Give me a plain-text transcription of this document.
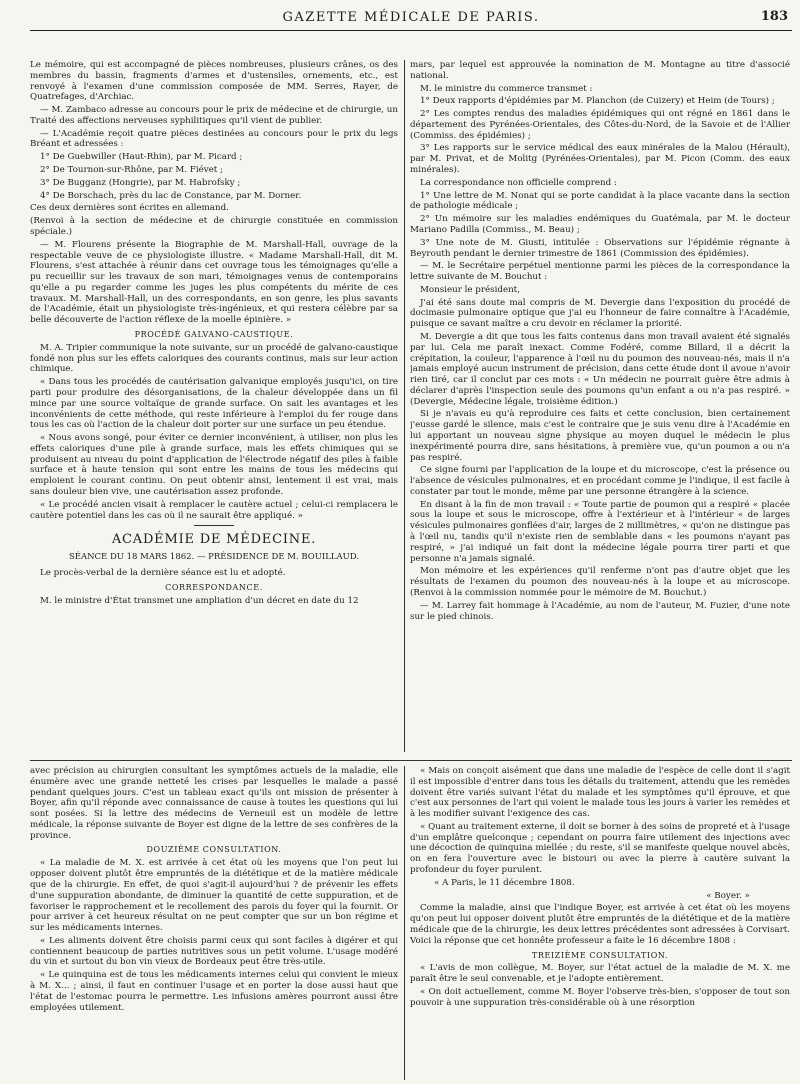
GAZETTE MÉDICALE DE PARIS.	183

Le mémoire, qui est accompagné de pièces nombreuses, plusieurs crânes, os des membres du bassin, fragments d'armes et d'ustensiles, ornements, etc., est renvoyé à l'examen d'une commission composée de MM. Serres, Rayer, de Quatrefages, d'Archiac.

— M. Zambaco adresse au concours pour le prix de médecine et de chirurgie, un Traité des affections nerveuses syphilitiques qu'il vient de publier.

— L'Académie reçoit quatre pièces destinées au concours pour le prix du legs Bréant et adressées :

1° De Guebwiller (Haut-Rhin), par M. Picard ;

2° De Tournon-sur-Rhône, par M. Fiévet ;

3° De Bugganz (Hongrie), par M. Habrofsky ;

4° De Borschach, près du lac de Constance, par M. Dorner.

Ces deux dernières sont écrites en allemand.

(Renvoi à la section de médecine et de chirurgie constituée en commission spéciale.)

— M. Flourens présente la Biographie de M. Marshall-Hall, ouvrage de la respectable veuve de ce physiologiste illustre. « Madame Marshall-Hall, dit M. Flourens, s'est attachée à réunir dans cet ouvrage tous les témoignages qu'elle a pu recueillir sur les travaux de son mari, témoignages venus de contemporains qu'elle a pu regarder comme les juges les plus compétents du mérite de ces travaux. M. Marshall-Hall, un des correspondants, en son genre, les plus savants de l'Académie, était un physiologiste très-ingénieux, et qui restera célèbre par sa belle découverte de l'action réflexe de la moelle épinière. »

PROCÉDÉ GALVANO-CAUSTIQUE.

M. A. Tripier communique la note suivante, sur un procédé de galvano-caustique fondé non plus sur les effets caloriques des courants continus, mais sur leur action chimique.

« Dans tous les procédés de cautérisation galvanique employés jusqu'ici, on tire parti pour produire des désorganisations, de la chaleur développée dans un fil mince par une source voltaïque de grande surface. On sait les avantages et les inconvénients de cette méthode, qui reste inférieure à l'emploi du fer rouge dans tous les cas où l'action de la chaleur doit porter sur une surface un peu étendue.

« Nous avons songé, pour éviter ce dernier inconvénient, à utiliser, non plus les effets caloriques d'une pile à grande surface, mais les effets chimiques qui se produisent au niveau du point d'application de l'électrode négatif des piles à faible surface et à haute tension qui sont entre les mains de tous les médecins qui emploient le courant continu. On peut obtenir ainsi, lentement il est vrai, mais sans douleur bien vive, une cautérisation assez profonde.

« Le procédé ancien visait à remplacer le cautère actuel ; celui-ci remplacera le cautère potentiel dans les cas où il ne saurait être appliqué. »

ACADÉMIE DE MÉDECINE.
SÉANCE DU 18 MARS 1862. — PRÉSIDENCE DE M. BOUILLAUD.

Le procès-verbal de la dernière séance est lu et adopté.

CORRESPONDANCE.

M. le ministre d'État transmet une ampliation d'un décret en date du 12

mars, par lequel est approuvée la nomination de M. Montagne au titre d'associé national.

M. le ministre du commerce transmet :

1° Deux rapports d'épidémies par M. Planchon (de Cuizery) et Heim (de Tours) ;

2° Les comptes rendus des maladies épidémiques qui ont régné en 1861 dans le département des Pyrénées-Orientales, des Côtes-du-Nord, de la Savoie et de l'Allier (Commiss. des épidémies) ;

3° Les rapports sur le service médical des eaux minérales de la Malou (Hérault), par M. Privat, et de Molitg (Pyrénées-Orientales), par M. Picon (Comm. des eaux minérales).

La correspondance non officielle comprend :

1° Une lettre de M. Nonat qui se porte candidat à la place vacante dans la section de pathologie médicale ;

2° Un mémoire sur les maladies endémiques du Guatémala, par M. le docteur Mariano Padilla (Commiss., M. Beau) ;

3° Une note de M. Giusti, intitulée : Observations sur l'épidémie régnante à Beyrouth pendant le dernier trimestre de 1861 (Commission des épidémies).

— M. le Secrétaire perpétuel mentionne parmi les pièces de la correspondance la lettre suivante de M. Bouchut :

Monsieur le président,

J'ai été sans doute mal compris de M. Devergie dans l'exposition du procédé de docimasie pulmonaire optique que j'ai eu l'honneur de faire connaître à l'Académie, puisque ce savant maître a cru devoir en réclamer la priorité.

M. Devergie a dit que tous les faits contenus dans mon travail avaient été signalés par lui. Cela me paraît inexact. Comme Fodéré, comme Billard, il a décrit la crépitation, la couleur, l'apparence à l'œil nu du poumon des nouveau-nés, mais il n'a jamais employé aucun instrument de précision, dans cette étude dont il avoue n'avoir rien tiré, car il conclut par ces mots : « Un médecin ne pourrait guère être admis à déclarer d'après l'inspection seule des poumons qu'un enfant a ou n'a pas respiré. » (Devergie, Médecine légale, troisième édition.)

Si je n'avais eu qu'à reproduire ces faits et cette conclusion, bien certainement j'eusse gardé le silence, mais c'est le contraire que je suis venu dire à l'Académie en lui apportant un nouveau signe physique au moyen duquel le médecin le plus inexpérimenté pourra dire, sans hésitations, à première vue, qu'un poumon a ou n'a pas respiré.

Ce signe fourni par l'application de la loupe et du microscope, c'est la présence ou l'absence de vésicules pulmonaires, et en procédant comme je l'indique, il est facile à constater par tout le monde, même par une personne étrangère à la science.

En disant à la fin de mon travail : « Toute partie de poumon qui a respiré « placée sous la loupe et sous le microscope, offre à l'extérieur et à l'intérieur « de larges vésicules pulmonaires gonflées d'air, larges de 2 millimètres, « qu'on ne distingue pas à l'œil nu, tandis qu'il n'existe rien de semblable dans « les poumons n'ayant pas respiré, » j'ai indiqué un fait dont la médecine légale pourra tirer parti et que personne n'a jamais signalé.

Mon mémoire et les expériences qu'il renferme n'ont pas d'autre objet que les résultats de l'examen du poumon des nouveau-nés à la loupe et au microscope. (Renvoi à la commission nommée pour le mémoire de M. Bouchut.)

— M. Larrey fait hommage à l'Académie, au nom de l'auteur, M. Fuzier, d'une note sur le pied chinois.

avec précision au chirurgien consultant les symptômes actuels de la maladie, elle énumère avec une grande netteté les crises par lesquelles le malade a passé pendant quelques jours. C'est un tableau exact qu'ils ont mission de présenter à Boyer, afin qu'il réponde avec connaissance de cause à toutes les questions qui lui sont posées. Si la lettre des médecins de Verneuil est un modèle de lettre médicale, la réponse suivante de Boyer est digne de la lettre de ses confrères de la province.

DOUZIÈME CONSULTATION.

« La maladie de M. X. est arrivée à cet état où les moyens que l'on peut lui opposer doivent plutôt être empruntés de la diététique et de la matière médicale que de la chirurgie. En effet, de quoi s'agit-il aujourd'hui ? de prévenir les effets d'une suppuration abondante, de diminuer la quantité de cette suppuration, et de favoriser le rapprochement et le recollement des parois du foyer qui la fournit. Or pour arriver à cet heureux résultat on ne peut compter que sur un bon régime et sur les médicaments internes.

« Les aliments doivent être choisis parmi ceux qui sont faciles à digérer et qui contiennent beaucoup de parties nutritives sous un petit volume. L'usage modéré du vin et surtout du bon vin vieux de Bordeaux peut être très-utile.

« Le quinquina est de tous les médicaments internes celui qui convient le mieux à M. X... ; ainsi, il faut en continuer l'usage et en porter la dose aussi haut que l'état de l'estomac pourra le permettre. Les infusions amères pourront aussi être employées utilement.

« Mais on conçoit aisément que dans une maladie de l'espèce de celle dont il s'agit il est impossible d'entrer dans tous les détails du traitement, attendu que les remèdes doivent être variés suivant l'état du malade et les symptômes qu'il éprouve, et que c'est aux personnes de l'art qui voient le malade tous les jours à varier les remèdes et à les modifier suivant l'exigence des cas.

« Quant au traitement externe, il doit se borner à des soins de propreté et à l'usage d'un emplâtre quelconque ; cependant on pourra faire utilement des injections avec une décoction de quinquina miellée ; du reste, s'il se manifeste quelque nouvel abcès, on en fera l'ouverture avec le bistouri ou avec la pierre à cautère suivant la profondeur du foyer purulent.

« A Paris, le 11 décembre 1808.

« Boyer. »

Comme la maladie, ainsi que l'indique Boyer, est arrivée à cet état où les moyens qu'on peut lui opposer doivent plutôt être empruntés de la diététique et de la matière médicale que de la chirurgie, les deux lettres précédentes sont adressées à Corvisart. Voici la réponse que cet honnête professeur a faite le 16 décembre 1808 :

TREIZIÈME CONSULTATION.

« L'avis de mon collègue, M. Boyer, sur l'état actuel de la maladie de M. X. me paraît être le seul convenable, et je l'adopte entièrement.

« On doit actuellement, comme M. Boyer l'observe très-bien, s'opposer de tout son pouvoir à une suppuration très-considérable où à une résorption
